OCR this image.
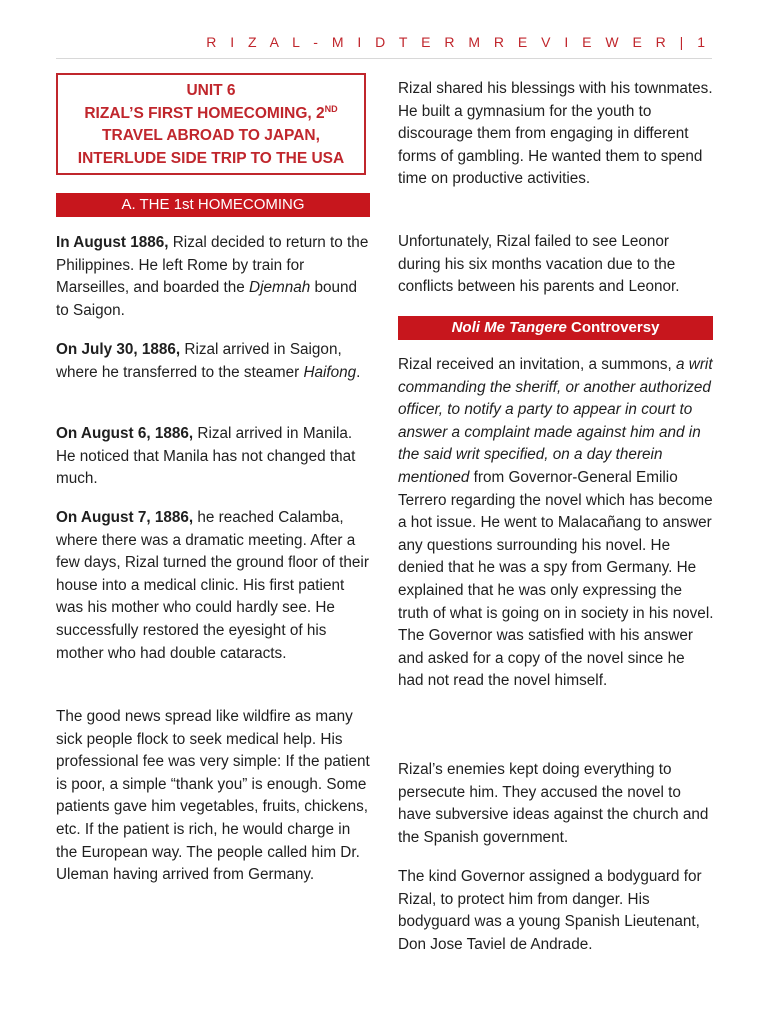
R I Z A L - M I D T E R M R E V I E W E R | 1
UNIT 6
RIZAL’S FIRST HOMECOMING, 2ND
TRAVEL ABROAD TO JAPAN,
INTERLUDE SIDE TRIP TO THE USA
A. THE 1st HOMECOMING

In August 1886, Rizal decided to return to the Philippines. He left Rome by train for Marseilles, and boarded the Djemnah bound to Saigon.

On July 30, 1886, Rizal arrived in Saigon, where he transferred to the steamer Haifong.

On August 6, 1886, Rizal arrived in Manila. He noticed that Manila has not changed that much.

On August 7, 1886, he reached Calamba, where there was a dramatic meeting. After a few days, Rizal turned the ground floor of their house into a medical clinic. His first patient was his mother who could hardly see. He successfully restored the eyesight of his mother who had double cataracts.

The good news spread like wildfire as many sick people flock to seek medical help. His professional fee was very simple: If the patient is poor, a simple “thank you” is enough. Some patients gave him vegetables, fruits, chickens, etc. If the patient is rich, he would charge in the European way. The people called him Dr. Uleman having arrived from Germany.

Rizal shared his blessings with his townmates. He built a gymnasium for the youth to discourage them from engaging in different forms of gambling. He wanted them to spend time on productive activities.

Unfortunately, Rizal failed to see Leonor during his six months vacation due to the conflicts between his parents and Leonor.

Rizal received an invitation, a summons, a writ commanding the sheriff, or another authorized officer, to notify a party to appear in court to answer a complaint made against him and in the said writ specified, on a day therein mentioned from Governor-General Emilio Terrero regarding the novel which has become a hot issue. He went to Malacañang to answer any questions surrounding his novel. He denied that he was a spy from Germany. He explained that he was only expressing the truth of what is going on in society in his novel. The Governor was satisfied with his answer and asked for a copy of the novel since he had not read the novel himself.

Rizal’s enemies kept doing everything to persecute him. They accused the novel to have subversive ideas against the church and the Spanish government.

The kind Governor assigned a bodyguard for Rizal, to protect him from danger. His bodyguard was a young Spanish Lieutenant, Don Jose Taviel de Andrade.

Noli Me Tangere Controversy
